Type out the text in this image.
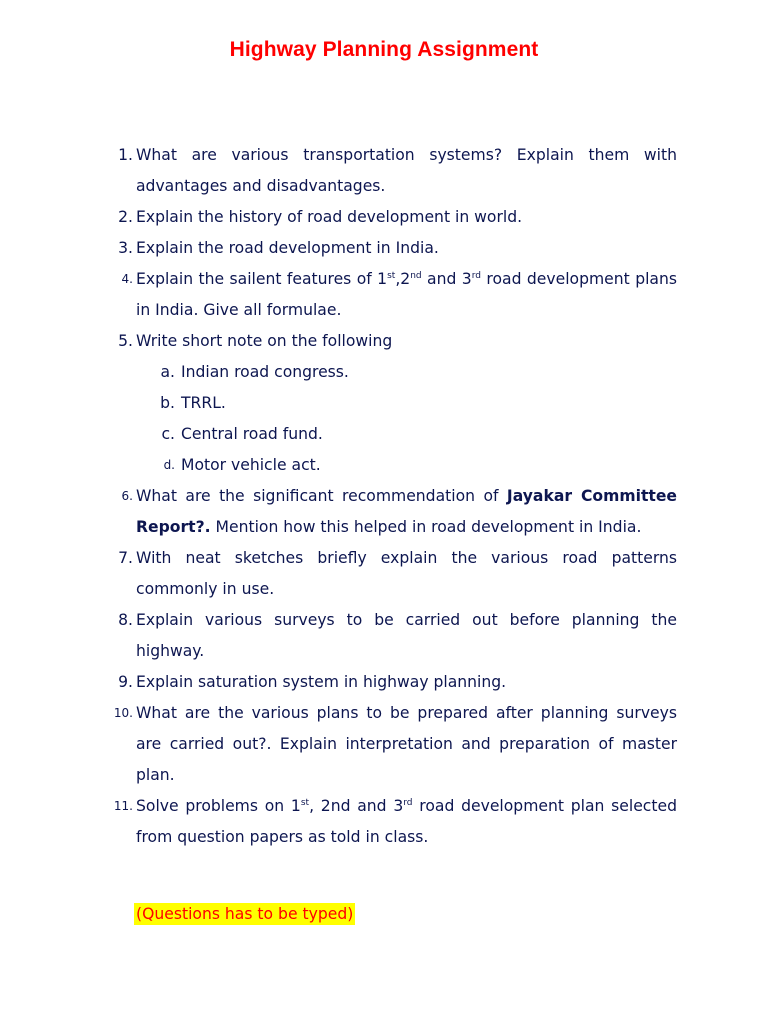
Highway Planning Assignment
1. What are various transportation systems? Explain them with advantages and disadvantages.
2. Explain the history of road development in world.
3. Explain the road development in India.
4. Explain the sailent features of 1st,2nd and 3rd road development plans in India. Give all formulae.
5. Write short note on the following
a. Indian road congress.
b. TRRL.
c. Central road fund.
d. Motor vehicle act.
6. What are the significant recommendation of Jayakar Committee Report?. Mention how this helped in road development in India.
7. With neat sketches briefly explain the various road patterns commonly in use.
8. Explain various surveys to be carried out before planning the highway.
9. Explain saturation system in highway planning.
10. What are the various plans to be prepared after planning surveys are carried out?. Explain interpretation and preparation of master plan.
11. Solve problems on 1st, 2nd and 3rd road development plan selected from question papers as told in class.
(Questions has to be typed)
